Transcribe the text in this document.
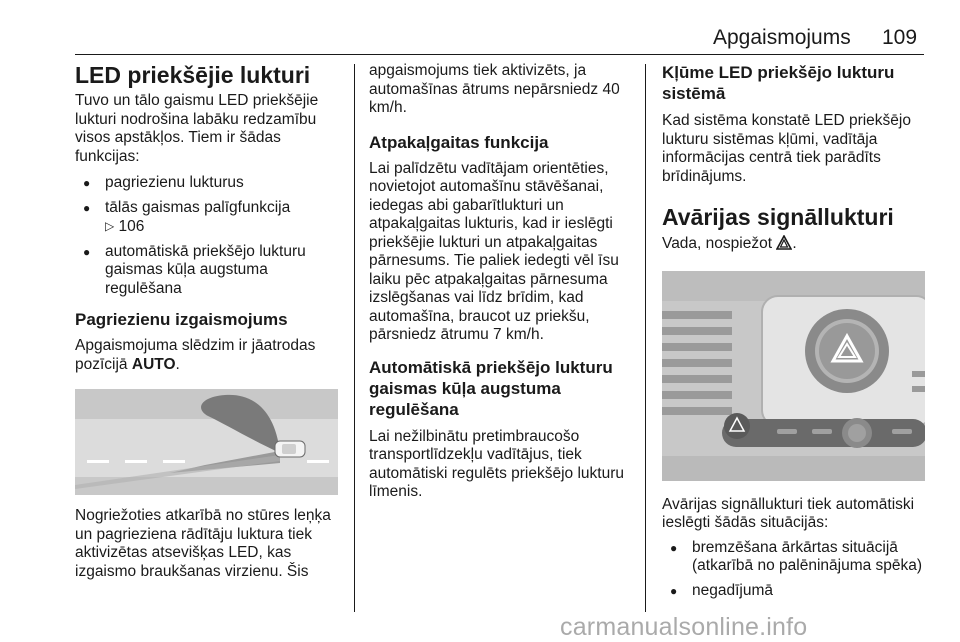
Apgaismojums 109
LED priekšējie lukturi

Tuvo un tālo gaismu LED priekšējie lukturi nodrošina labāku redzamību visos apstākļos. Tiem ir šādas funkcijas:

● pagriezienu lukturus

● tālās gaismas palīgfunkcija
▷ 106

● automātiskā priekšējo lukturu gaismas kūļa augstuma regulēšana

Pagriezienu izgaismojums

Apgaismojuma slēdzim ir jāatrodas pozīcijā AUTO.

Nogriežoties atkarībā no stūres leņķa un pagrieziena rādītāju luktura tiek aktivizētas atsevišķas LED, kas izgaismo braukšanas virzienu. Šis

apgaismojums tiek aktivizēts, ja automašīnas ātrums nepārsniedz 40 km/h.

Atpakaļgaitas funkcija

Lai palīdzētu vadītājam orientēties, novietojot automašīnu stāvēšanai, iedegas abi gabarītlukturi un atpakaļgaitas lukturis, kad ir ieslēgti priekšējie lukturi un atpakaļgaitas pārnesums. Tie paliek iedegti vēl īsu laiku pēc atpakaļgaitas pārnesuma izslēgšanas vai līdz brīdim, kad automašīna, braucot uz priekšu, pārsniedz ātrumu 7 km/h.

Automātiskā priekšējo lukturu gaismas kūļa augstuma regulēšana

Lai nežilbinātu pretimbraucošo transportlīdzekļu vadītājus, tiek automātiski regulēts priekšējo lukturu līmenis.

Kļūme LED priekšējo lukturu sistēmā

Kad sistēma konstatē LED priekšējo lukturu sistēmas kļūmi, vadītāja informācijas centrā tiek parādīts brīdinājums.

Avārijas signāllukturi

Vada, nospiežot .

Avārijas signāllukturi tiek automātiski ieslēgti šādās situācijās:

● bremzēšana ārkārtas situācijā (atkarībā no palēninājuma spēka)

● negadījumā

carmanualsonline.info
